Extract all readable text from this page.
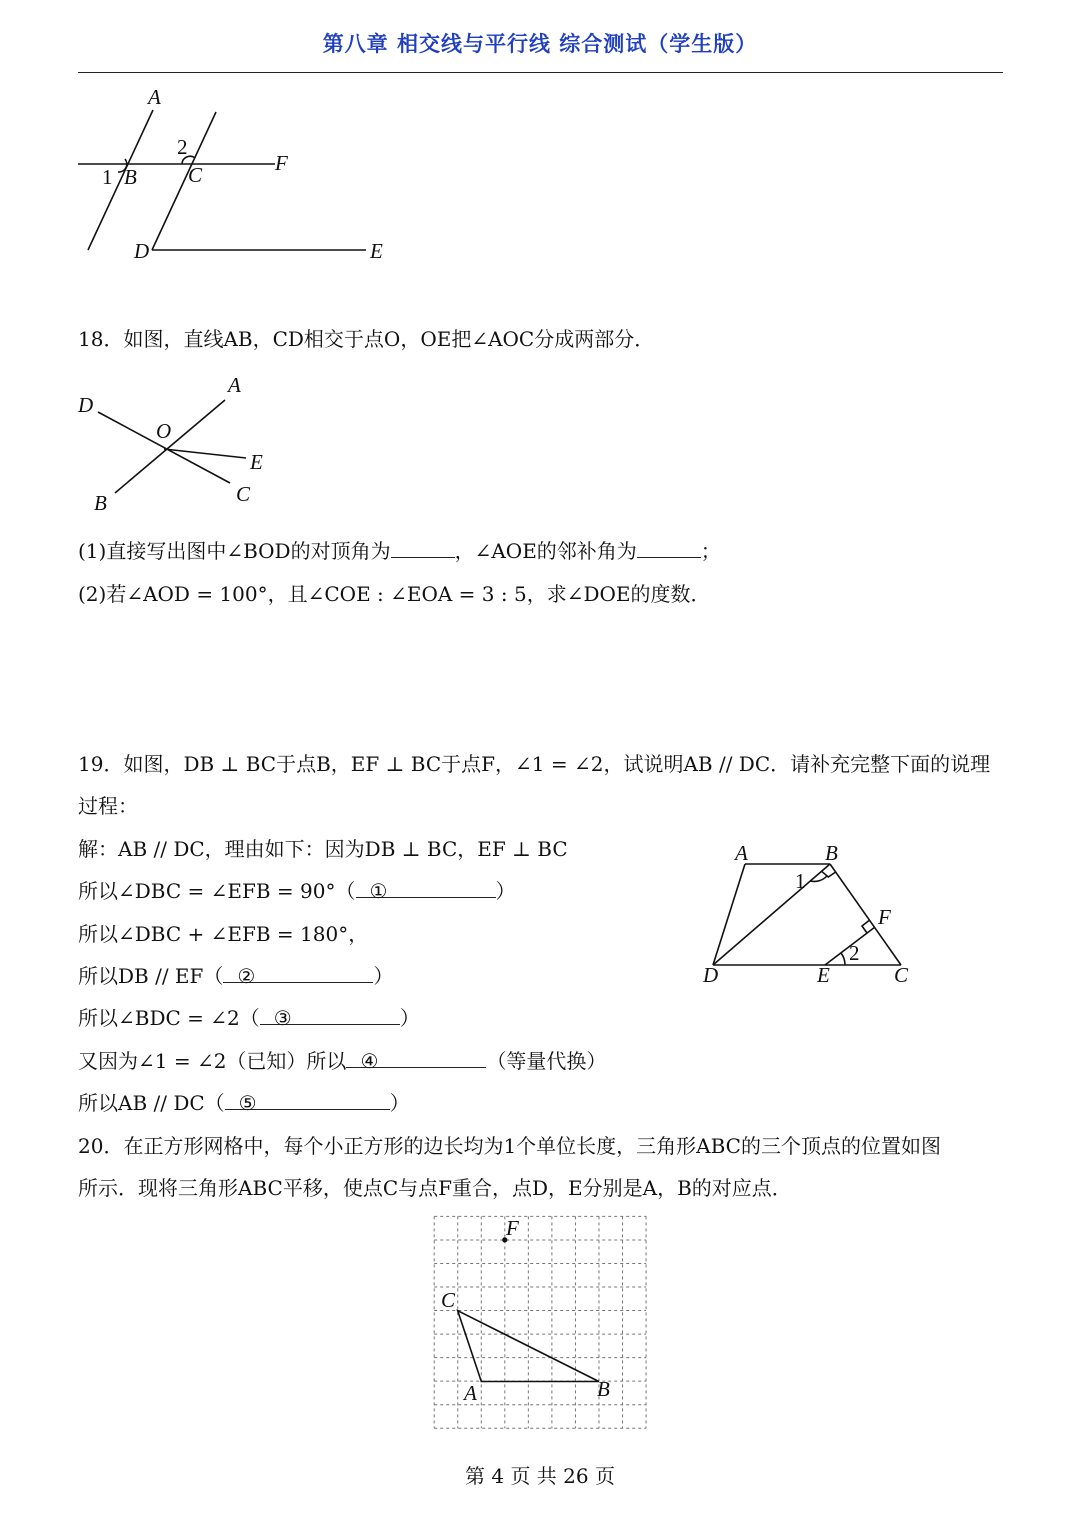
第八章 相交线与平行线 综合测试（学生版）
A
1 B
2
C	F
D	E
18．如图，直线AB，CD相交于点O，OE把∠AOC分成两部分．
D
A
O
E
B	C
(1)直接写出图中∠BOD的对顶角为	，∠AOE的邻补角为	；
(2)若∠AOD = 100°，且∠COE : ∠EOA = 3 : 5，求∠DOE的度数．
19．如图，DB ⊥ BC于点B，EF ⊥ BC于点F，∠1 = ∠2，试说明AB // DC．请补充完整下面的说理
过程：
解：AB // DC，理由如下：因为DB ⊥ BC，EF ⊥ BC
所以∠DBC = ∠EFB = 90°（ ①	）
所以∠DBC + ∠EFB = 180°，
所以DB // EF（ ②	）
所以∠BDC = ∠2（ ③	）
又因为∠1 = ∠2（已知）所以 ④	（等量代换）
所以AB // DC（ ⑤	）
A	B
1
F
2
D	E	C
20．在正方形网格中，每个小正方形的边长均为1个单位长度，三角形ABC的三个顶点的位置如图
所示．现将三角形ABC平移，使点C与点F重合，点D，E分别是A，B的对应点．
F
C
A	B
第 4 页 共 26 页
